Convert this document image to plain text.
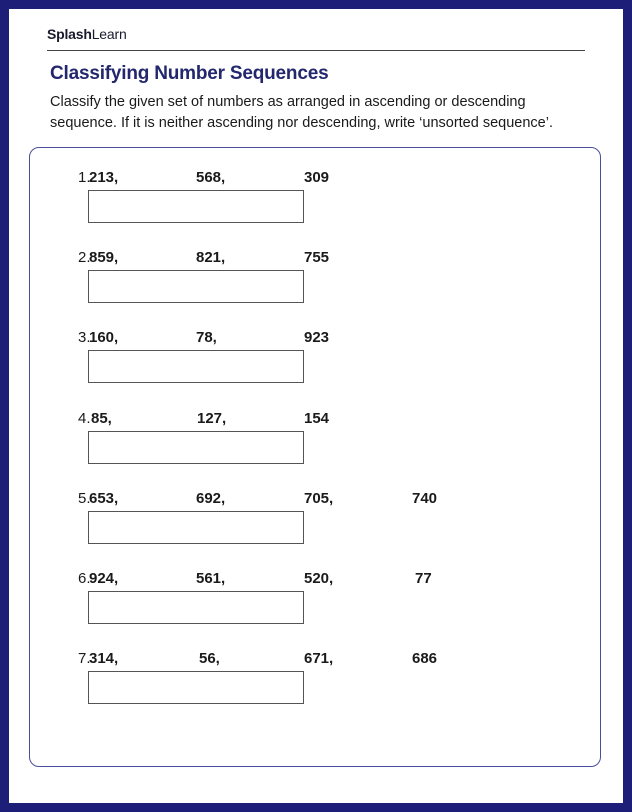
SplashLearn
Classifying Number Sequences
Classify the given set of numbers as arranged in ascending or descending sequence. If it is neither ascending nor descending, write ‘unsorted sequence’.
1.
213,	568,	309
2.
859,	821,	755
3.
160,	78,	923
4. 85,	127,	154
5.
653,	692,	705,	740
6.
924,	561,	520,	77
7.
314,	56,	671,	686
